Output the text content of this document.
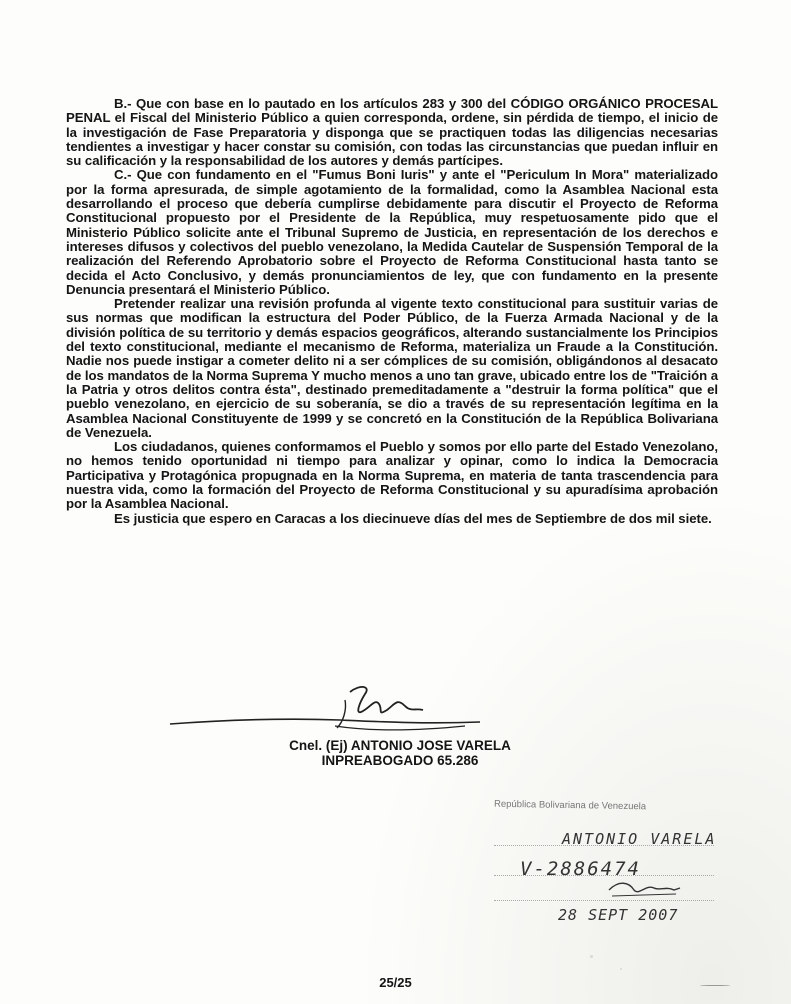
B.- Que con base en lo pautado en los artículos 283 y 300 del CÓDIGO ORGÁNICO PROCESAL PENAL el Fiscal del Ministerio Público a quien corresponda, ordene, sin pérdida de tiempo, el inicio de la investigación de Fase Preparatoria y disponga que se practiquen todas las diligencias necesarias tendientes a investigar y hacer constar su comisión, con todas las circunstancias que puedan influir en su calificación y la responsabilidad de los autores y demás partícipes.

C.- Que con fundamento en el "Fumus Boni Iuris" y ante el "Periculum In Mora" materializado por la forma apresurada, de simple agotamiento de la formalidad, como la Asamblea Nacional esta desarrollando el proceso que debería cumplirse debidamente para discutir el Proyecto de Reforma Constitucional propuesto por el Presidente de la República, muy respetuosamente pido que el Ministerio Público solicite ante el Tribunal Supremo de Justicia, en representación de los derechos e intereses difusos y colectivos del pueblo venezolano, la Medida Cautelar de Suspensión Temporal de la realización del Referendo Aprobatorio sobre el Proyecto de Reforma Constitucional hasta tanto se decida el Acto Conclusivo, y demás pronunciamientos de ley, que con fundamento en la presente Denuncia presentará el Ministerio Público.

Pretender realizar una revisión profunda al vigente texto constitucional para sustituir varias de sus normas que modifican la estructura del Poder Público, de la Fuerza Armada Nacional y de la división política de su territorio y demás espacios geográficos, alterando sustancialmente los Principios del texto constitucional, mediante el mecanismo de Reforma, materializa un Fraude a la Constitución. Nadie nos puede instigar a cometer delito ni a ser cómplices de su comisión, obligándonos al desacato de los mandatos de la Norma Suprema Y mucho menos a uno tan grave, ubicado entre los de "Traición a la Patria y otros delitos contra ésta", destinado premeditadamente a "destruir la forma política" que el pueblo venezolano, en ejercicio de su soberanía, se dio a través de su representación legítima en la Asamblea Nacional Constituyente de 1999 y se concretó en la Constitución de la República Bolivariana de Venezuela.

Los ciudadanos, quienes conformamos el Pueblo y somos por ello parte del Estado Venezolano, no hemos tenido oportunidad ni tiempo para analizar y opinar, como lo indica la Democracia Participativa y Protagónica propugnada en la Norma Suprema, en materia de tanta trascendencia para nuestra vida, como la formación del Proyecto de Reforma Constitucional y su apuradísima aprobación por la Asamblea Nacional.

Es justicia que espero en Caracas a los diecinueve días del mes de Septiembre de dos mil siete.

Cnel. (Ej) ANTONIO JOSE VARELA
INPREABOGADO 65.286
República Bolivariana de Venezuela
ANTONIO VARELA
V-2886474
28 SEPT 2007
25/25
